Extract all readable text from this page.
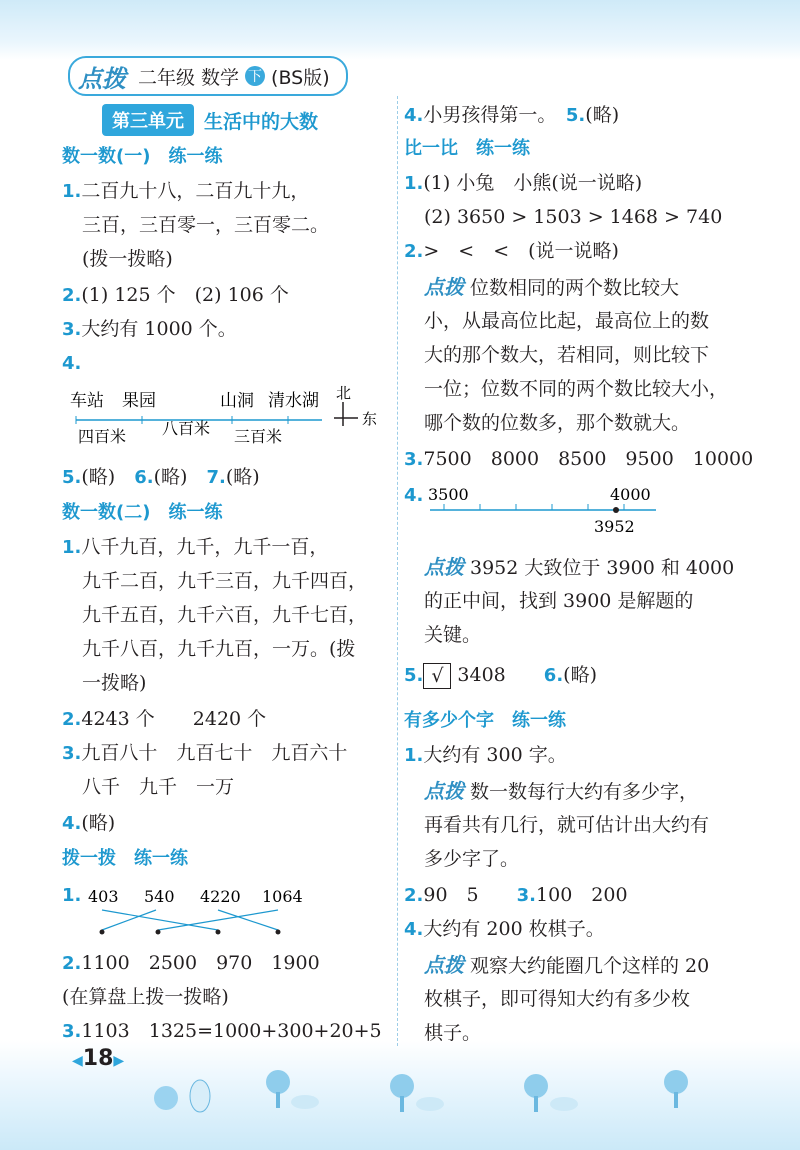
点拨 二年级 数学 下 (BS版)
第三单元	生活中的大数
数一数(一)　练一练
1.二百九十八，二百九十九，
三百，三百零一，三百零二。
(拨一拨略)
2.(1) 125 个　(2) 106 个
3.大约有 1000 个。
4.
车站 果园	山洞 清水湖
四百米 八百米 三百米
北
东
5.(略)　 6.(略)　 7.(略)
数一数(二)　练一练
1.八千九百，九千，九千一百，
九千二百，九千三百，九千四百，
九千五百，九千六百，九千七百，
九千八百，九千九百，一万。(拨
一拨略)
2.4243 个　　2420 个
3.九百八十　九百七十　九百六十
八千　九千　一万
4.(略)
拨一拨　练一练
1. 403 540 4220 1064
2.1100　2500　970　1900
(在算盘上拨一拨略)
3.1103　1325=1000+300+20+5
4.小男孩得第一。　 5.(略)
比一比　练一练
1.(1) 小兔　小熊(说一说略)
(2) 3650 > 1503 > 1468 > 740
2.>　<　<　(说一说略)
点拨 位数相同的两个数比较大
小，从最高位比起，最高位上的数
大的那个数大，若相同，则比较下
一位；位数不同的两个数比较大小，
哪个数的位数多，那个数就大。
3.7500　8000　8500　9500　10000
4. 3500	4000
3952
点拨 3952 大致位于 3900 和 4000
的正中间，找到 3900 是解题的
关键。
5. √ 3408　　 6.(略)
有多少个字　练一练
1.大约有 300 字。
点拨 数一数每行大约有多少字，
再看共有几行，就可估计出大约有
多少字了。
2.90　5　　 3.100　200
4.大约有 200 枚棋子。
点拨 观察大约能圈几个这样的 20
枚棋子，即可得知大约有多少枚
棋子。
◀18▶
